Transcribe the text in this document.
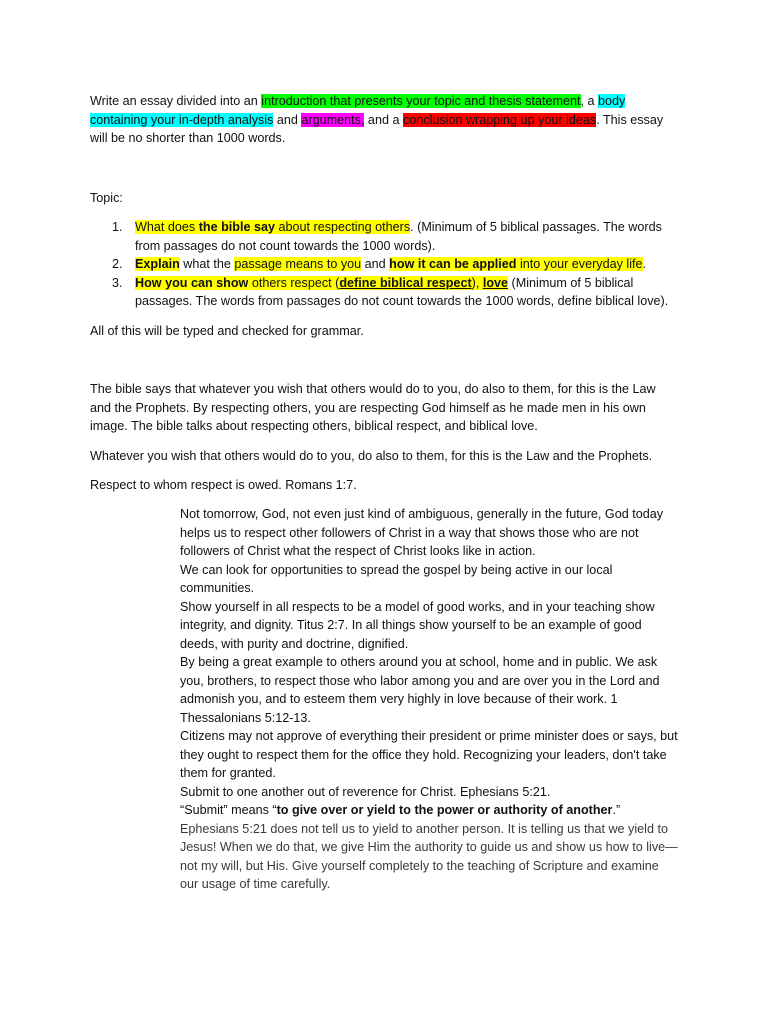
Write an essay divided into an introduction that presents your topic and thesis statement, a body containing your in-depth analysis and arguments, and a conclusion wrapping up your ideas. This essay will be no shorter than 1000 words.

Topic:

1. What does the bible say about respecting others. (Minimum of 5 biblical passages. The words from passages do not count towards the 1000 words).
2. Explain what the passage means to you and how it can be applied into your everyday life.
3. How you can show others respect (define biblical respect), love (Minimum of 5 biblical passages. The words from passages do not count towards the 1000 words, define biblical love).

All of this will be typed and checked for grammar.

The bible says that whatever you wish that others would do to you, do also to them, for this is the Law and the Prophets. By respecting others, you are respecting God himself as he made men in his own image. The bible talks about respecting others, biblical respect, and biblical love.

Whatever you wish that others would do to you, do also to them, for this is the Law and the Prophets.

Respect to whom respect is owed. Romans 1:7.

Not tomorrow, God, not even just kind of ambiguous, generally in the future, God today helps us to respect other followers of Christ in a way that shows those who are not followers of Christ what the respect of Christ looks like in action.

We can look for opportunities to spread the gospel by being active in our local communities.

Show yourself in all respects to be a model of good works, and in your teaching show integrity, and dignity. Titus 2:7. In all things show yourself to be an example of good deeds, with purity and doctrine, dignified.

By being a great example to others around you at school, home and in public. We ask you, brothers, to respect those who labor among you and are over you in the Lord and admonish you, and to esteem them very highly in love because of their work. 1 Thessalonians 5:12-13.

Citizens may not approve of everything their president or prime minister does or says, but they ought to respect them for the office they hold. Recognizing your leaders, don't take them for granted.

Submit to one another out of reverence for Christ. Ephesians 5:21.

“Submit” means “to give over or yield to the power or authority of another.”

Ephesians 5:21 does not tell us to yield to another person. It is telling us that we yield to Jesus! When we do that, we give Him the authority to guide us and show us how to live—not my will, but His. Give yourself completely to the teaching of Scripture and examine our usage of time carefully.
